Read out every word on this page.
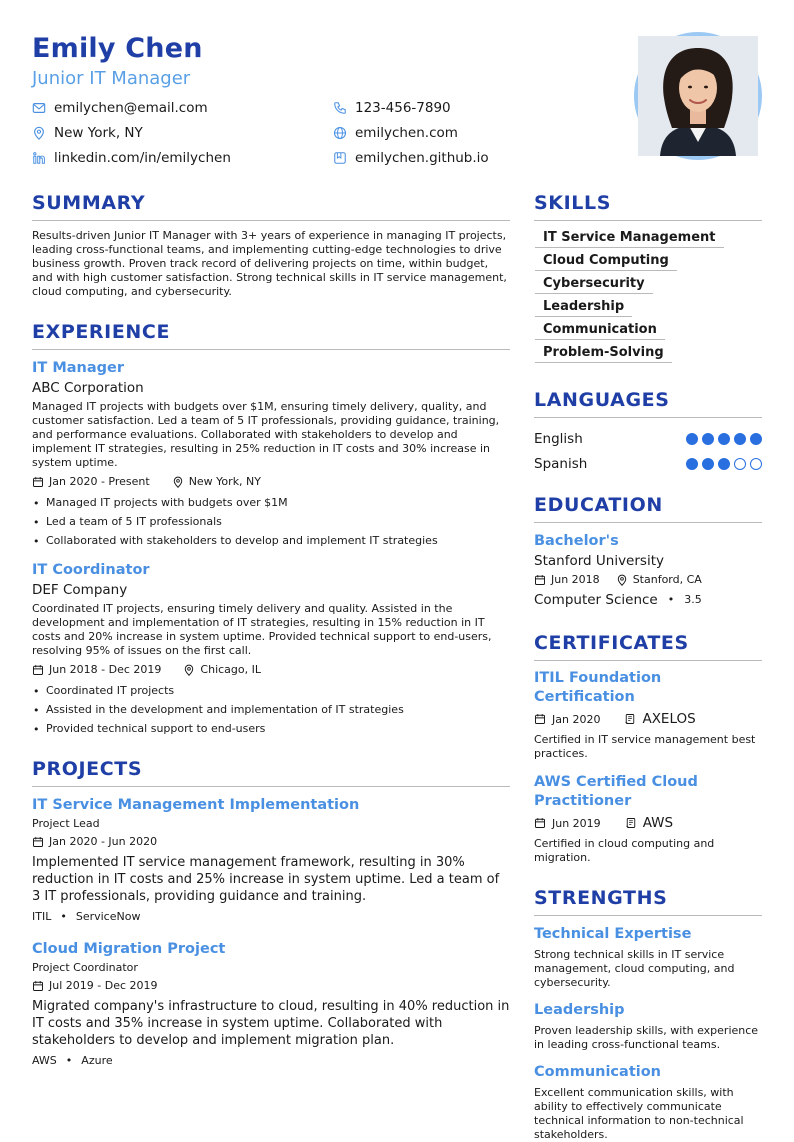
Emily Chen
Junior IT Manager
emilychen@email.com	123-456-7890
New York, NY	emilychen.com
linkedin.com/in/emilychen	emilychen.github.io
SUMMARY
Results-driven Junior IT Manager with 3+ years of experience in managing IT projects, leading cross-functional teams, and implementing cutting-edge technologies to drive business growth. Proven track record of delivering projects on time, within budget, and with high customer satisfaction. Strong technical skills in IT service management, cloud computing, and cybersecurity.
EXPERIENCE
IT Manager
ABC Corporation
Managed IT projects with budgets over $1M, ensuring timely delivery, quality, and customer satisfaction. Led a team of 5 IT professionals, providing guidance, training, and performance evaluations. Collaborated with stakeholders to develop and implement IT strategies, resulting in 25% reduction in IT costs and 30% increase in system uptime.
Jan 2020 - Present	New York, NY
• Managed IT projects with budgets over $1M
• Led a team of 5 IT professionals
• Collaborated with stakeholders to develop and implement IT strategies
IT Coordinator
DEF Company
Coordinated IT projects, ensuring timely delivery and quality. Assisted in the development and implementation of IT strategies, resulting in 15% reduction in IT costs and 20% increase in system uptime. Provided technical support to end-users, resolving 95% of issues on the first call.
Jun 2018 - Dec 2019	Chicago, IL
• Coordinated IT projects
• Assisted in the development and implementation of IT strategies
• Provided technical support to end-users
PROJECTS
IT Service Management Implementation
Project Lead
Jan 2020 - Jun 2020
Implemented IT service management framework, resulting in 30% reduction in IT costs and 25% increase in system uptime. Led a team of 3 IT professionals, providing guidance and training.
ITIL • ServiceNow
Cloud Migration Project
Project Coordinator
Jul 2019 - Dec 2019
Migrated company's infrastructure to cloud, resulting in 40% reduction in IT costs and 35% increase in system uptime. Collaborated with stakeholders to develop and implement migration plan.
AWS • Azure
SKILLS
IT Service Management
Cloud Computing
Cybersecurity
Leadership
Communication
Problem-Solving
LANGUAGES
English
Spanish
EDUCATION
Bachelor's
Stanford University
Jun 2018	Stanford, CA
Computer Science • 3.5
CERTIFICATES
ITIL Foundation Certification
Jan 2020	AXELOS
Certified in IT service management best practices.
AWS Certified Cloud Practitioner
Jun 2019	AWS
Certified in cloud computing and migration.
STRENGTHS
Technical Expertise
Strong technical skills in IT service management, cloud computing, and cybersecurity.
Leadership
Proven leadership skills, with experience in leading cross-functional teams.
Communication
Excellent communication skills, with ability to effectively communicate technical information to non-technical stakeholders.
